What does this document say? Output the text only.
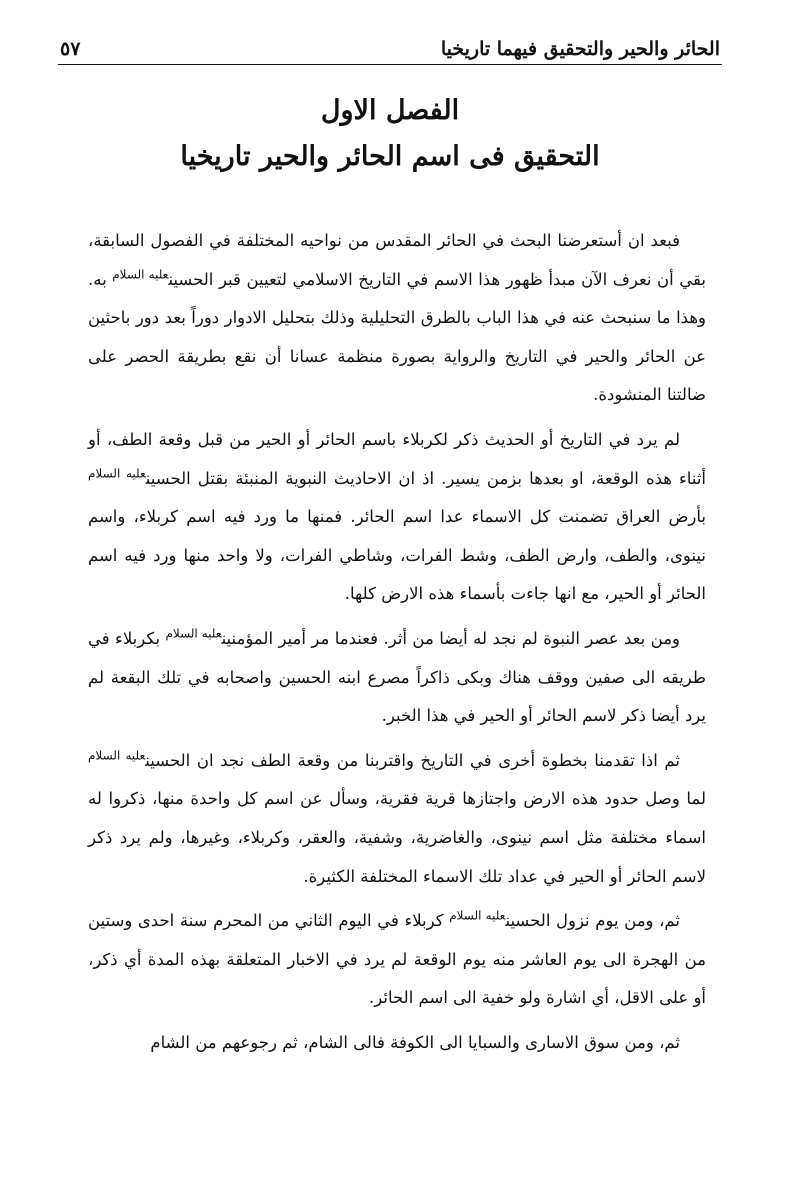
الحائر والحير والتحقيق فيهما تاريخيا
٥٧
الفصل الاول
التحقيق فى اسم الحائر والحير تاريخيا

فبعد ان أستعرضنا البحث في الحائر المقدس من نواحيه المختلفة في الفصول السابقة، بقي أن نعرف الآن مبدأ ظهور هذا الاسم في التاريخ الاسلامي لتعيين قبر الحسين$^{عليه السلام}$ به. وهذا ما سنبحث عنه في هذا الباب بالطرق التحليلية وذلك بتحليل الادوار دوراً بعد دور باحثين عن الحائر والحير في التاريخ والرواية بصورة منظمة عسانا أن نقع بطريقة الحصر على ضالتنا المنشودة.

لم يرد في التاريخ أو الحديث ذكر لكربلاء باسم الحائر أو الحير من قبل وقعة الطف، أو أثناء هذه الوقعة، او بعدها بزمن يسير. اذ ان الاحاديث النبوية المنبئة بقتل الحسين$^{عليه السلام}$ بأرض العراق تضمنت كل الاسماء عدا اسم الحائر. فمنها ما ورد فيه اسم كربلاء، واسم نينوى، والطف، وارض الطف، وشط الفرات، وشاطي الفرات، ولا واحد منها ورد فيه اسم الحائر أو الحير، مع انها جاءت بأسماء هذه الارض كلها.

ومن بعد عصر النبوة لم نجد له أيضا من أثر. فعندما مر أمير المؤمنين$^{عليه السلام}$ بكربلاء في طريقه الى صفين ووقف هناك وبكى ذاكراً مصرع ابنه الحسين واصحابه في تلك البقعة لم يرد أيضا ذكر لاسم الحائر أو الحير في هذا الخبر.

ثم اذا تقدمنا بخطوة أخرى في التاريخ واقتربنا من وقعة الطف نجد ان الحسين$^{عليه السلام}$ لما وصل حدود هذه الارض واجتازها قرية فقرية، وسأل عن اسم كل واحدة منها، ذكروا له اسماء مختلفة مثل اسم نينوى، والغاضرية، وشفية، والعقر، وكربلاء، وغيرها، ولم يرد ذكر لاسم الحائر أو الحير في عداد تلك الاسماء المختلفة الكثيرة.

ثم، ومن يوم نزول الحسين$^{عليه السلام}$ كربلاء في اليوم الثاني من المحرم سنة احدى وستين من الهجرة الى يوم العاشر منه يوم الوقعة لم يرد في الاخبار المتعلقة بهذه المدة أي ذكر، أو على الاقل، أي اشارة ولو خفية الى اسم الحائر.

ثم، ومن سوق الاسارى والسبايا الى الكوفة فالى الشام، ثم رجوعهم من الشام
